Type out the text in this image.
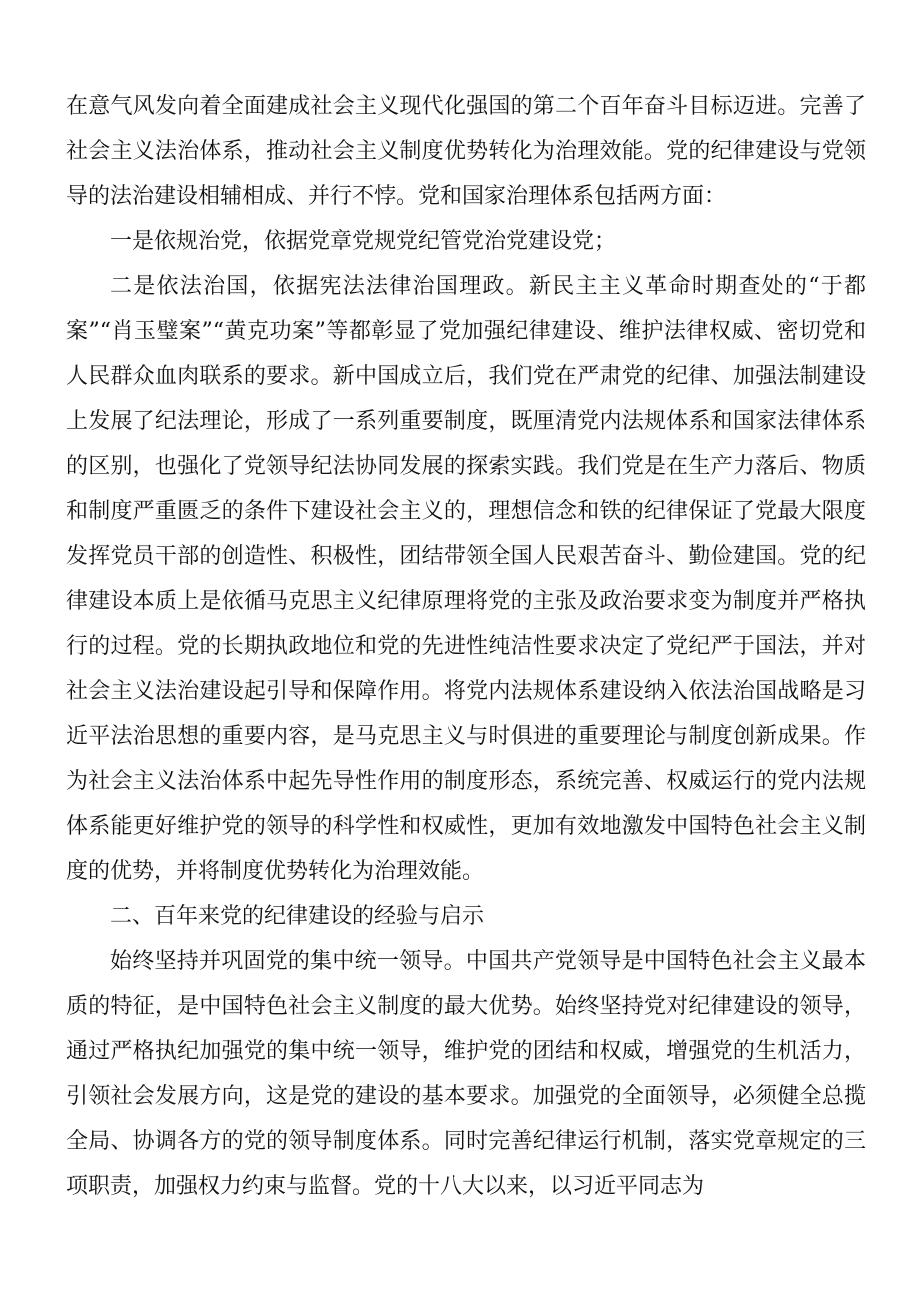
在意气风发向着全面建成社会主义现代化强国的第二个百年奋斗目标迈进。完善了社会主义法治体系，推动社会主义制度优势转化为治理效能。党的纪律建设与党领导的法治建设相辅相成、并行不悖。党和国家治理体系包括两方面：

一是依规治党，依据党章党规党纪管党治党建设党；

二是依法治国，依据宪法法律治国理政。新民主主义革命时期查处的“于都案”“肖玉璧案”“黄克功案”等都彰显了党加强纪律建设、维护法律权威、密切党和人民群众血肉联系的要求。新中国成立后，我们党在严肃党的纪律、加强法制建设上发展了纪法理论，形成了一系列重要制度，既厘清党内法规体系和国家法律体系的区别，也强化了党领导纪法协同发展的探索实践。我们党是在生产力落后、物质和制度严重匮乏的条件下建设社会主义的，理想信念和铁的纪律保证了党最大限度发挥党员干部的创造性、积极性，团结带领全国人民艰苦奋斗、勤俭建国。党的纪律建设本质上是依循马克思主义纪律原理将党的主张及政治要求变为制度并严格执行的过程。党的长期执政地位和党的先进性纯洁性要求决定了党纪严于国法，并对社会主义法治建设起引导和保障作用。将党内法规体系建设纳入依法治国战略是习近平法治思想的重要内容，是马克思主义与时俱进的重要理论与制度创新成果。作为社会主义法治体系中起先导性作用的制度形态，系统完善、权威运行的党内法规体系能更好维护党的领导的科学性和权威性，更加有效地激发中国特色社会主义制度的优势，并将制度优势转化为治理效能。

二、百年来党的纪律建设的经验与启示

始终坚持并巩固党的集中统一领导。中国共产党领导是中国特色社会主义最本质的特征，是中国特色社会主义制度的最大优势。始终坚持党对纪律建设的领导，通过严格执纪加强党的集中统一领导，维护党的团结和权威，增强党的生机活力，引领社会发展方向，这是党的建设的基本要求。加强党的全面领导，必须健全总揽全局、协调各方的党的领导制度体系。同时完善纪律运行机制，落实党章规定的三项职责，加强权力约束与监督。党的十八大以来，以习近平同志为
